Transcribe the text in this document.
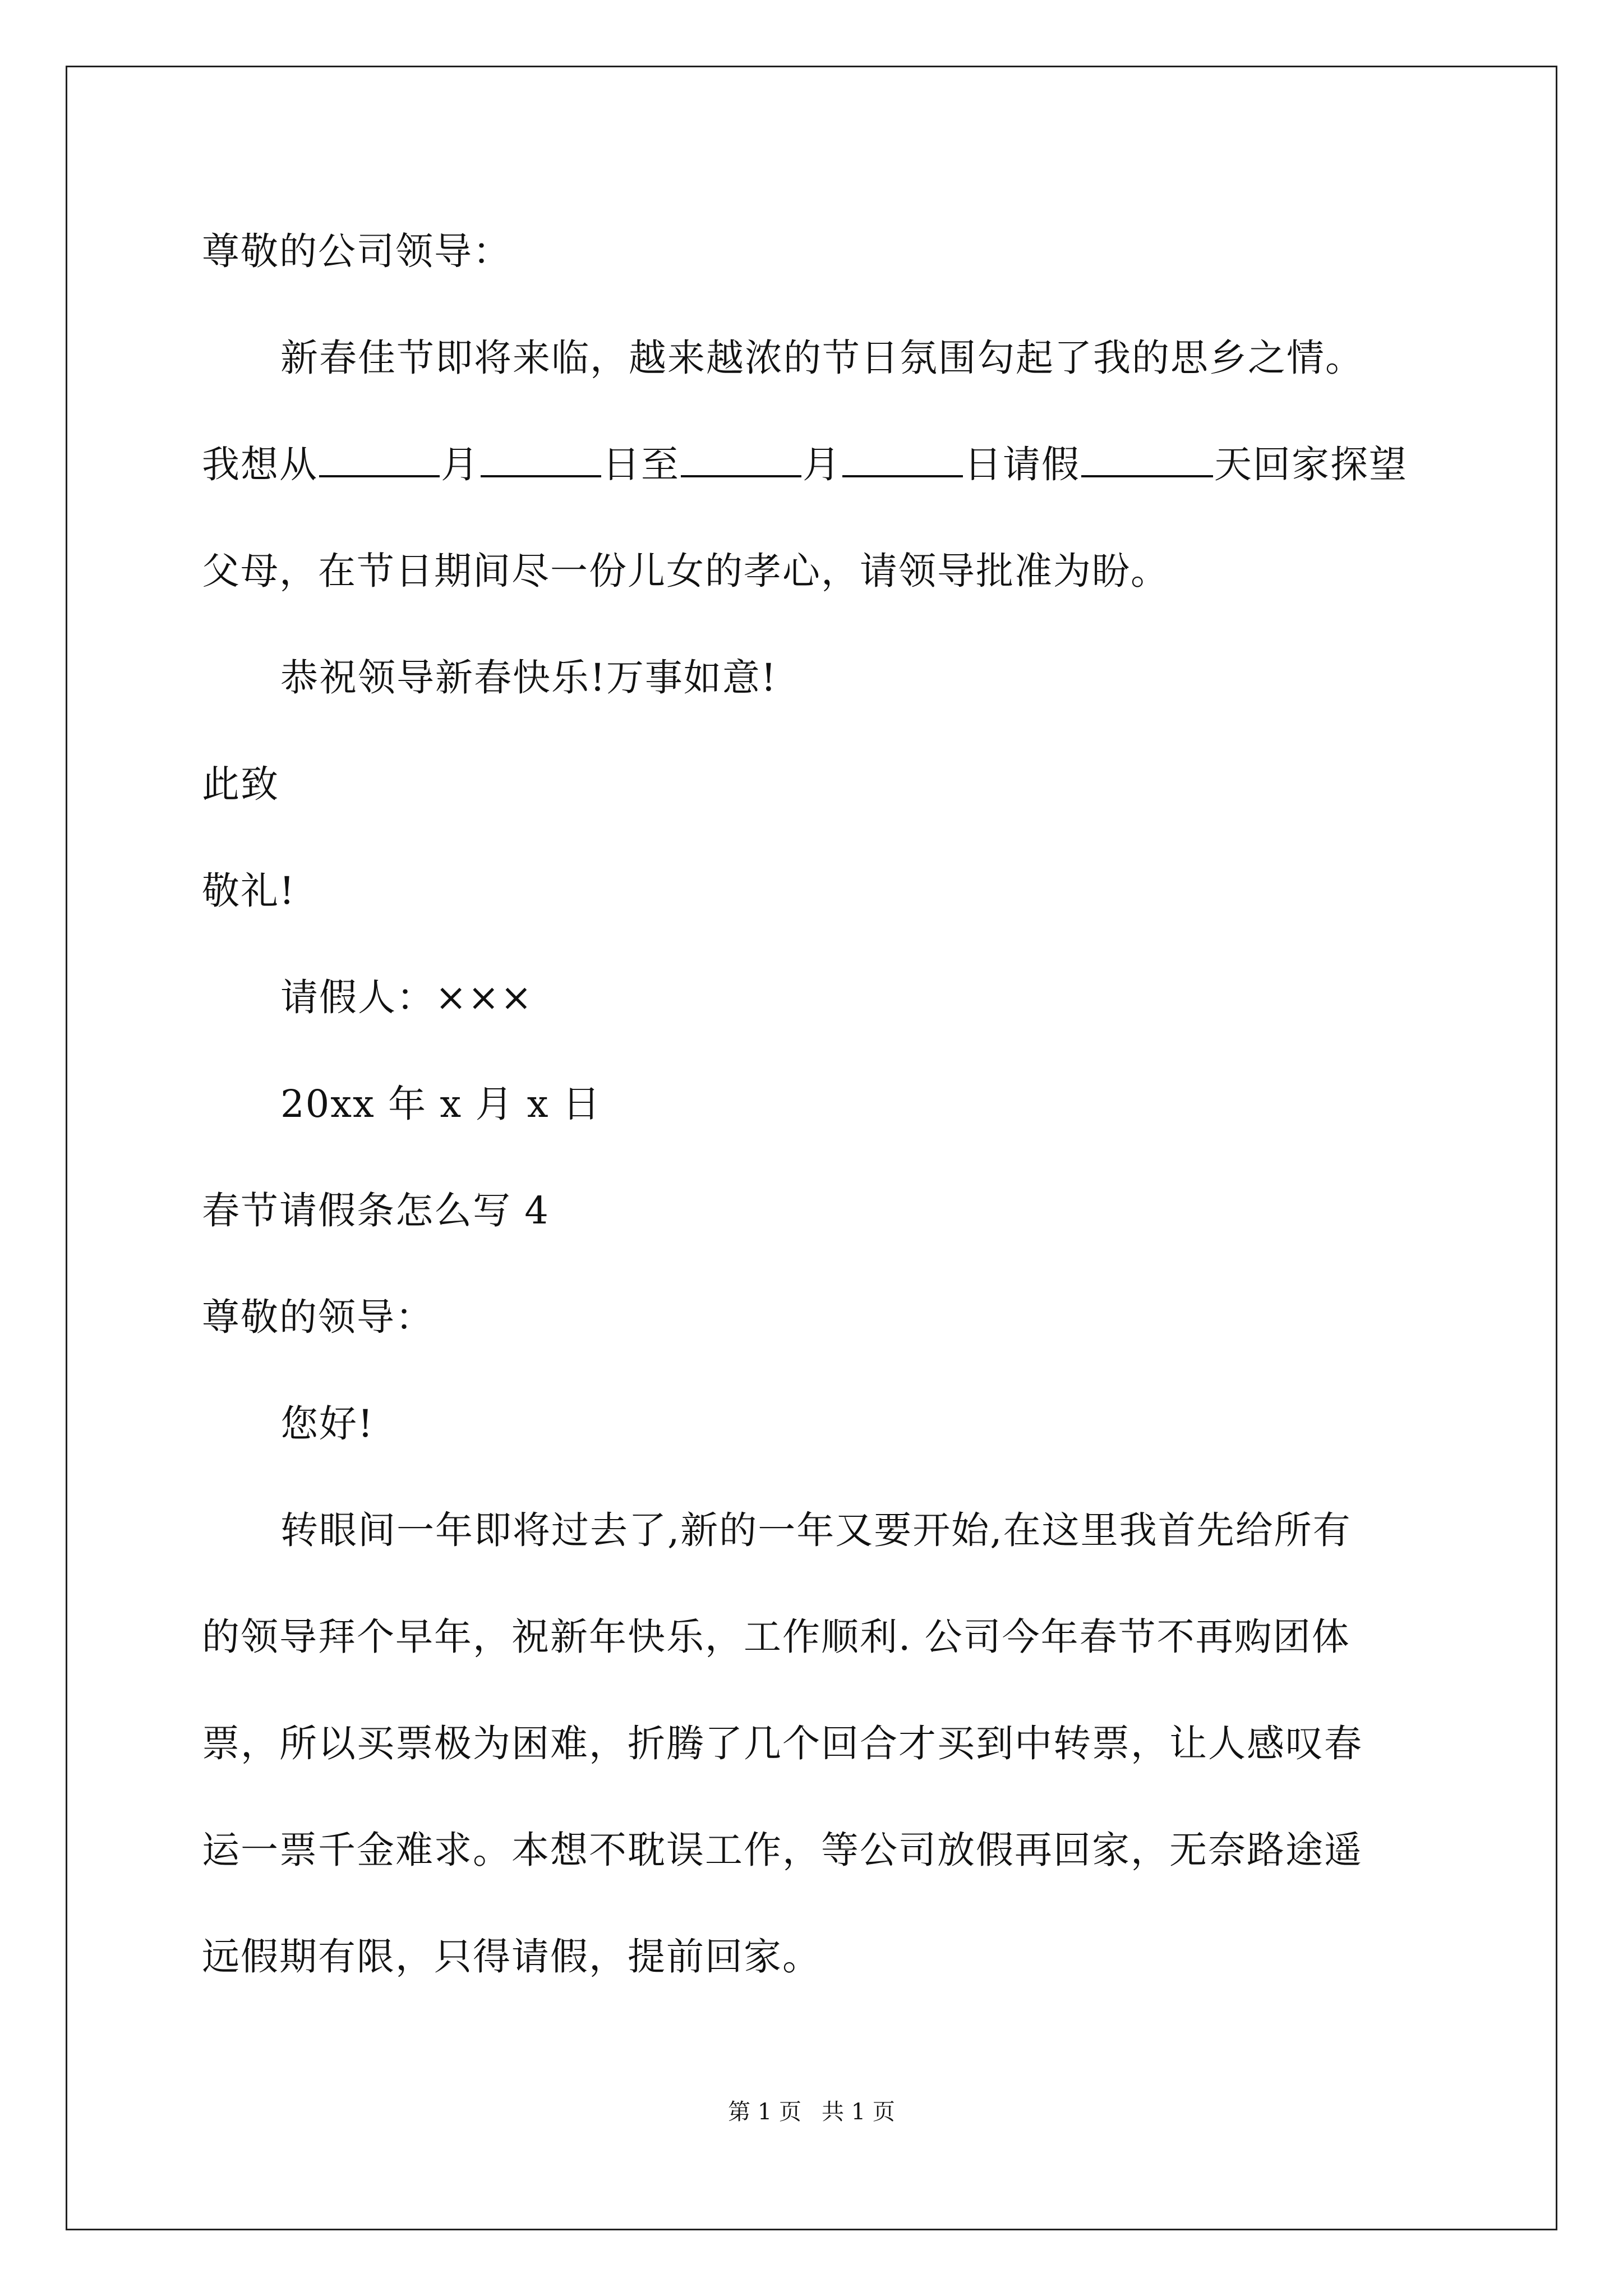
尊敬的公司领导：
新春佳节即将来临，越来越浓的节日氛围勾起了我的思乡之情。
我想从	月	日至	月	日请假	天回家探望
父母，在节日期间尽一份儿女的孝心，请领导批准为盼。
恭祝领导新春快乐!万事如意!
此致
敬礼!
请假人：×××
20xx 年 x 月 x 日
春节请假条怎么写 4
尊敬的领导：
您好!
转眼间一年即将过去了,新的一年又要开始,在这里我首先给所有
的领导拜个早年，祝新年快乐，工作顺利. 公司今年春节不再购团体
票，所以买票极为困难，折腾了几个回合才买到中转票，让人感叹春
运一票千金难求。本想不耽误工作，等公司放假再回家，无奈路途遥
远假期有限，只得请假，提前回家。
第 1 页 共 1 页
